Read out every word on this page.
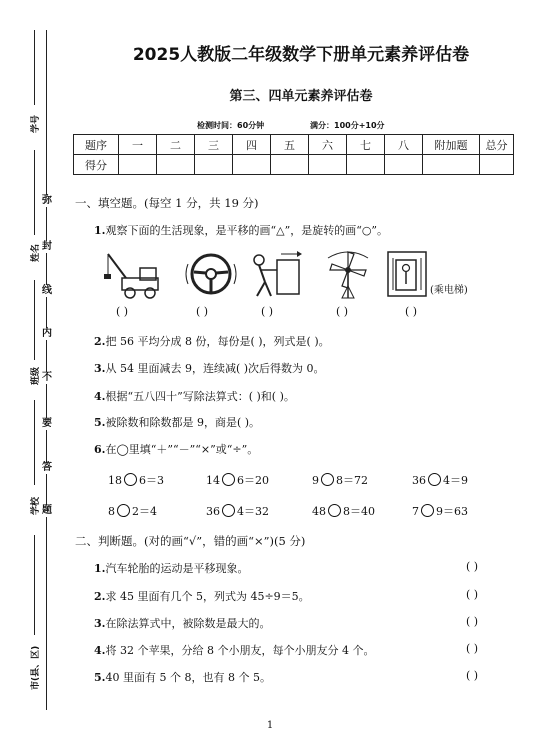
学号
姓名
班级
学校
市(县、区)
弥
封
线
内
不
要
答
题
2025人教版二年级数学下册单元素养评估卷
第三、四单元素养评估卷
检测时间：60分钟	满分：100分+10分
题序	一	二	三	四	五	六	七	八	附加题	总分
得分										
一、填空题。(每空 1 分，共 19 分)
1.观察下面的生活现象，是平移的画“△”，是旋转的画“○”。
(乘电梯)
( )	( )	( )	( )	( )
2.把 56 平均分成 8 份，每份是( )，列式是( )。
3.从 54 里面减去 9，连续减( )次后得数为 0。
4.根据“五八四十”写除法算式：( )和( )。
5.被除数和除数都是 9，商是( )。
6.在◯里填“＋”“－”“×”或“÷”。
18 6＝3	14 6＝20	9 8＝72	36 4＝9
8 2＝4	36 4＝32	48 8＝40	7 9＝63
二、判断题。(对的画“√”，错的画“×”)(5 分)
1.汽车轮胎的运动是平移现象。	( )
2.求 45 里面有几个 5，列式为 45÷9＝5。	( )
3.在除法算式中，被除数是最大的。	( )
4.将 32 个苹果，分给 8 个小朋友，每个小朋友分 4 个。	( )
5.40 里面有 5 个 8，也有 8 个 5。	( )
1
